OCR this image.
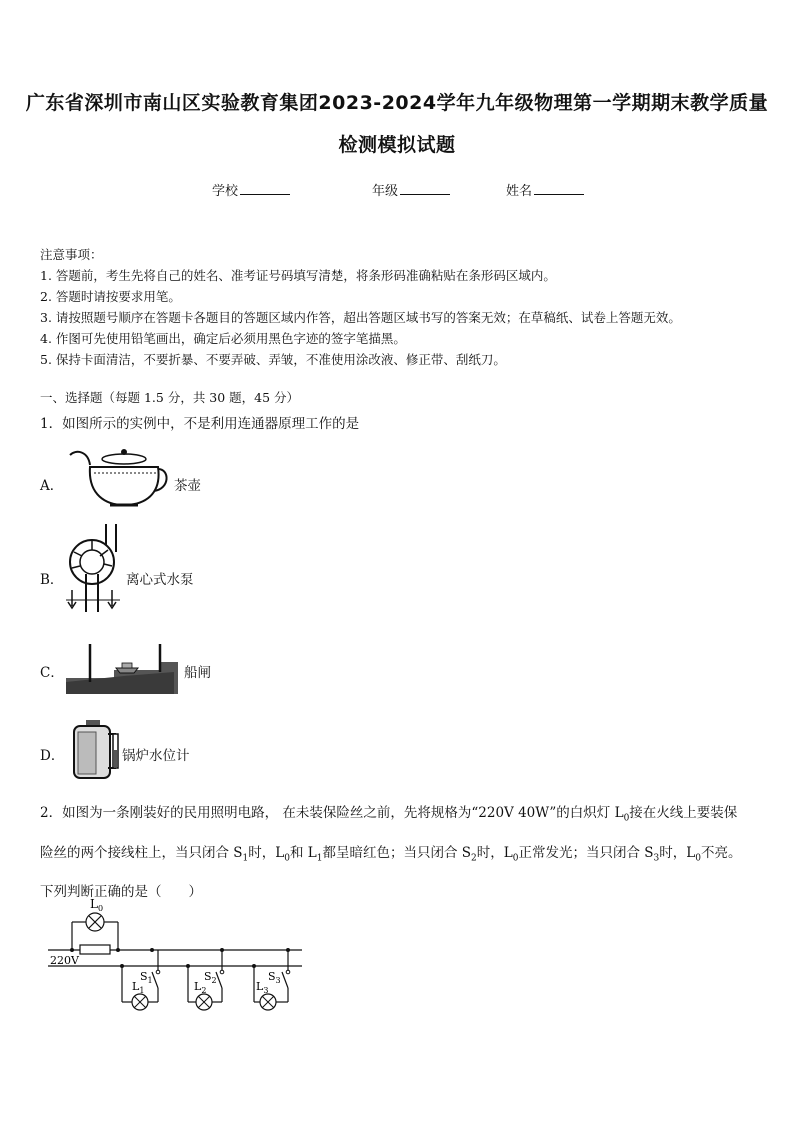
广东省深圳市南山区实验教育集团2023-2024学年九年级物理第一学期期末教学质量
检测模拟试题
学校	年级	姓名
注意事项：
1. 答题前，考生先将自己的姓名、准考证号码填写清楚，将条形码准确粘贴在条形码区域内。
2. 答题时请按要求用笔。
3. 请按照题号顺序在答题卡各题目的答题区域内作答，超出答题区域书写的答案无效；在草稿纸、试卷上答题无效。
4. 作图可先使用铅笔画出，确定后必须用黑色字迹的签字笔描黑。
5. 保持卡面清洁，不要折暴、不要弄破、弄皱，不准使用涂改液、修正带、刮纸刀。
一、选择题（每题 1.5 分，共 30 题，45 分）
1．如图所示的实例中，不是利用连通器原理工作的是
A．	茶壶
B．	离心式水泵
C．	船闸
D．	锅炉水位计
2．如图为一条刚装好的民用照明电路， 在未装保险丝之前，先将规格为“220V 40W”的白炽灯 $L_0$接在火线上要装保
险丝的两个接线柱上，当只闭合 $S_1$时，$L_0$和 $L_1$都呈暗红色；当只闭合 $S_2$时，$L_0$正常发光；当只闭合 $S_3$时，$L_0$不亮。
下列判断正确的是（　　）
$L_0$
220V
$L_1$
$S_1$	$L_2$
$S_2$	$L_3$
$S_3$
